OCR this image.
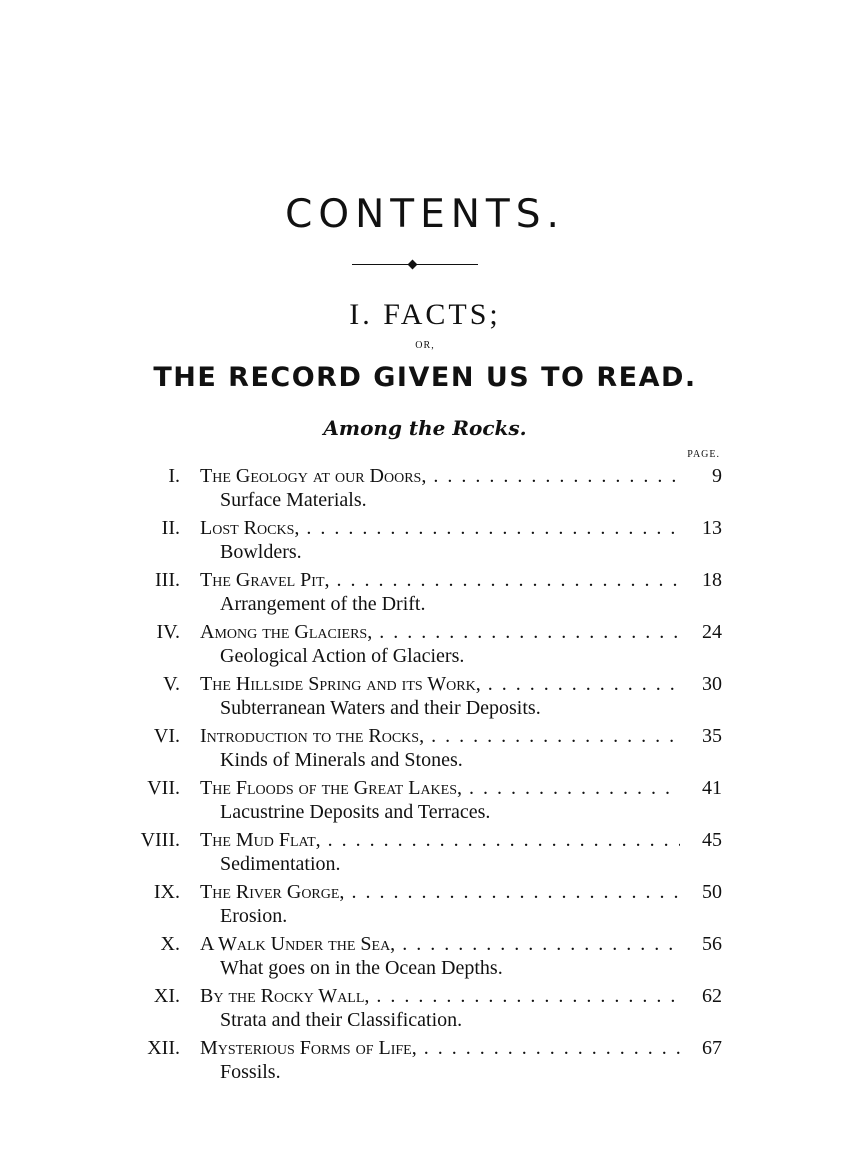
CONTENTS.
I. FACTS;
OR,
THE RECORD GIVEN US TO READ.
Among the Rocks.
PAGE.
I. The Geology at our Doors, . . .	9
Surface Materials.
II. Lost Rocks, . . .	13
Bowlders.
III. The Gravel Pit, . . .	18
Arrangement of the Drift.
IV. Among the Glaciers, . . .	24
Geological Action of Glaciers.
V. The Hillside Spring and its Work, . . .	30
Subterranean Waters and their Deposits.
VI. Introduction to the Rocks, . . .	35
Kinds of Minerals and Stones.
VII. The Floods of the Great Lakes, . . .	41
Lacustrine Deposits and Terraces.
VIII. The Mud Flat, . . .	45
Sedimentation.
IX. The River Gorge, . . .	50
Erosion.
X. A Walk Under the Sea, . . .	56
What goes on in the Ocean Depths.
XI. By the Rocky Wall, . . .	62
Strata and their Classification.
XII. Mysterious Forms of Life, . . .	67
Fossils.
